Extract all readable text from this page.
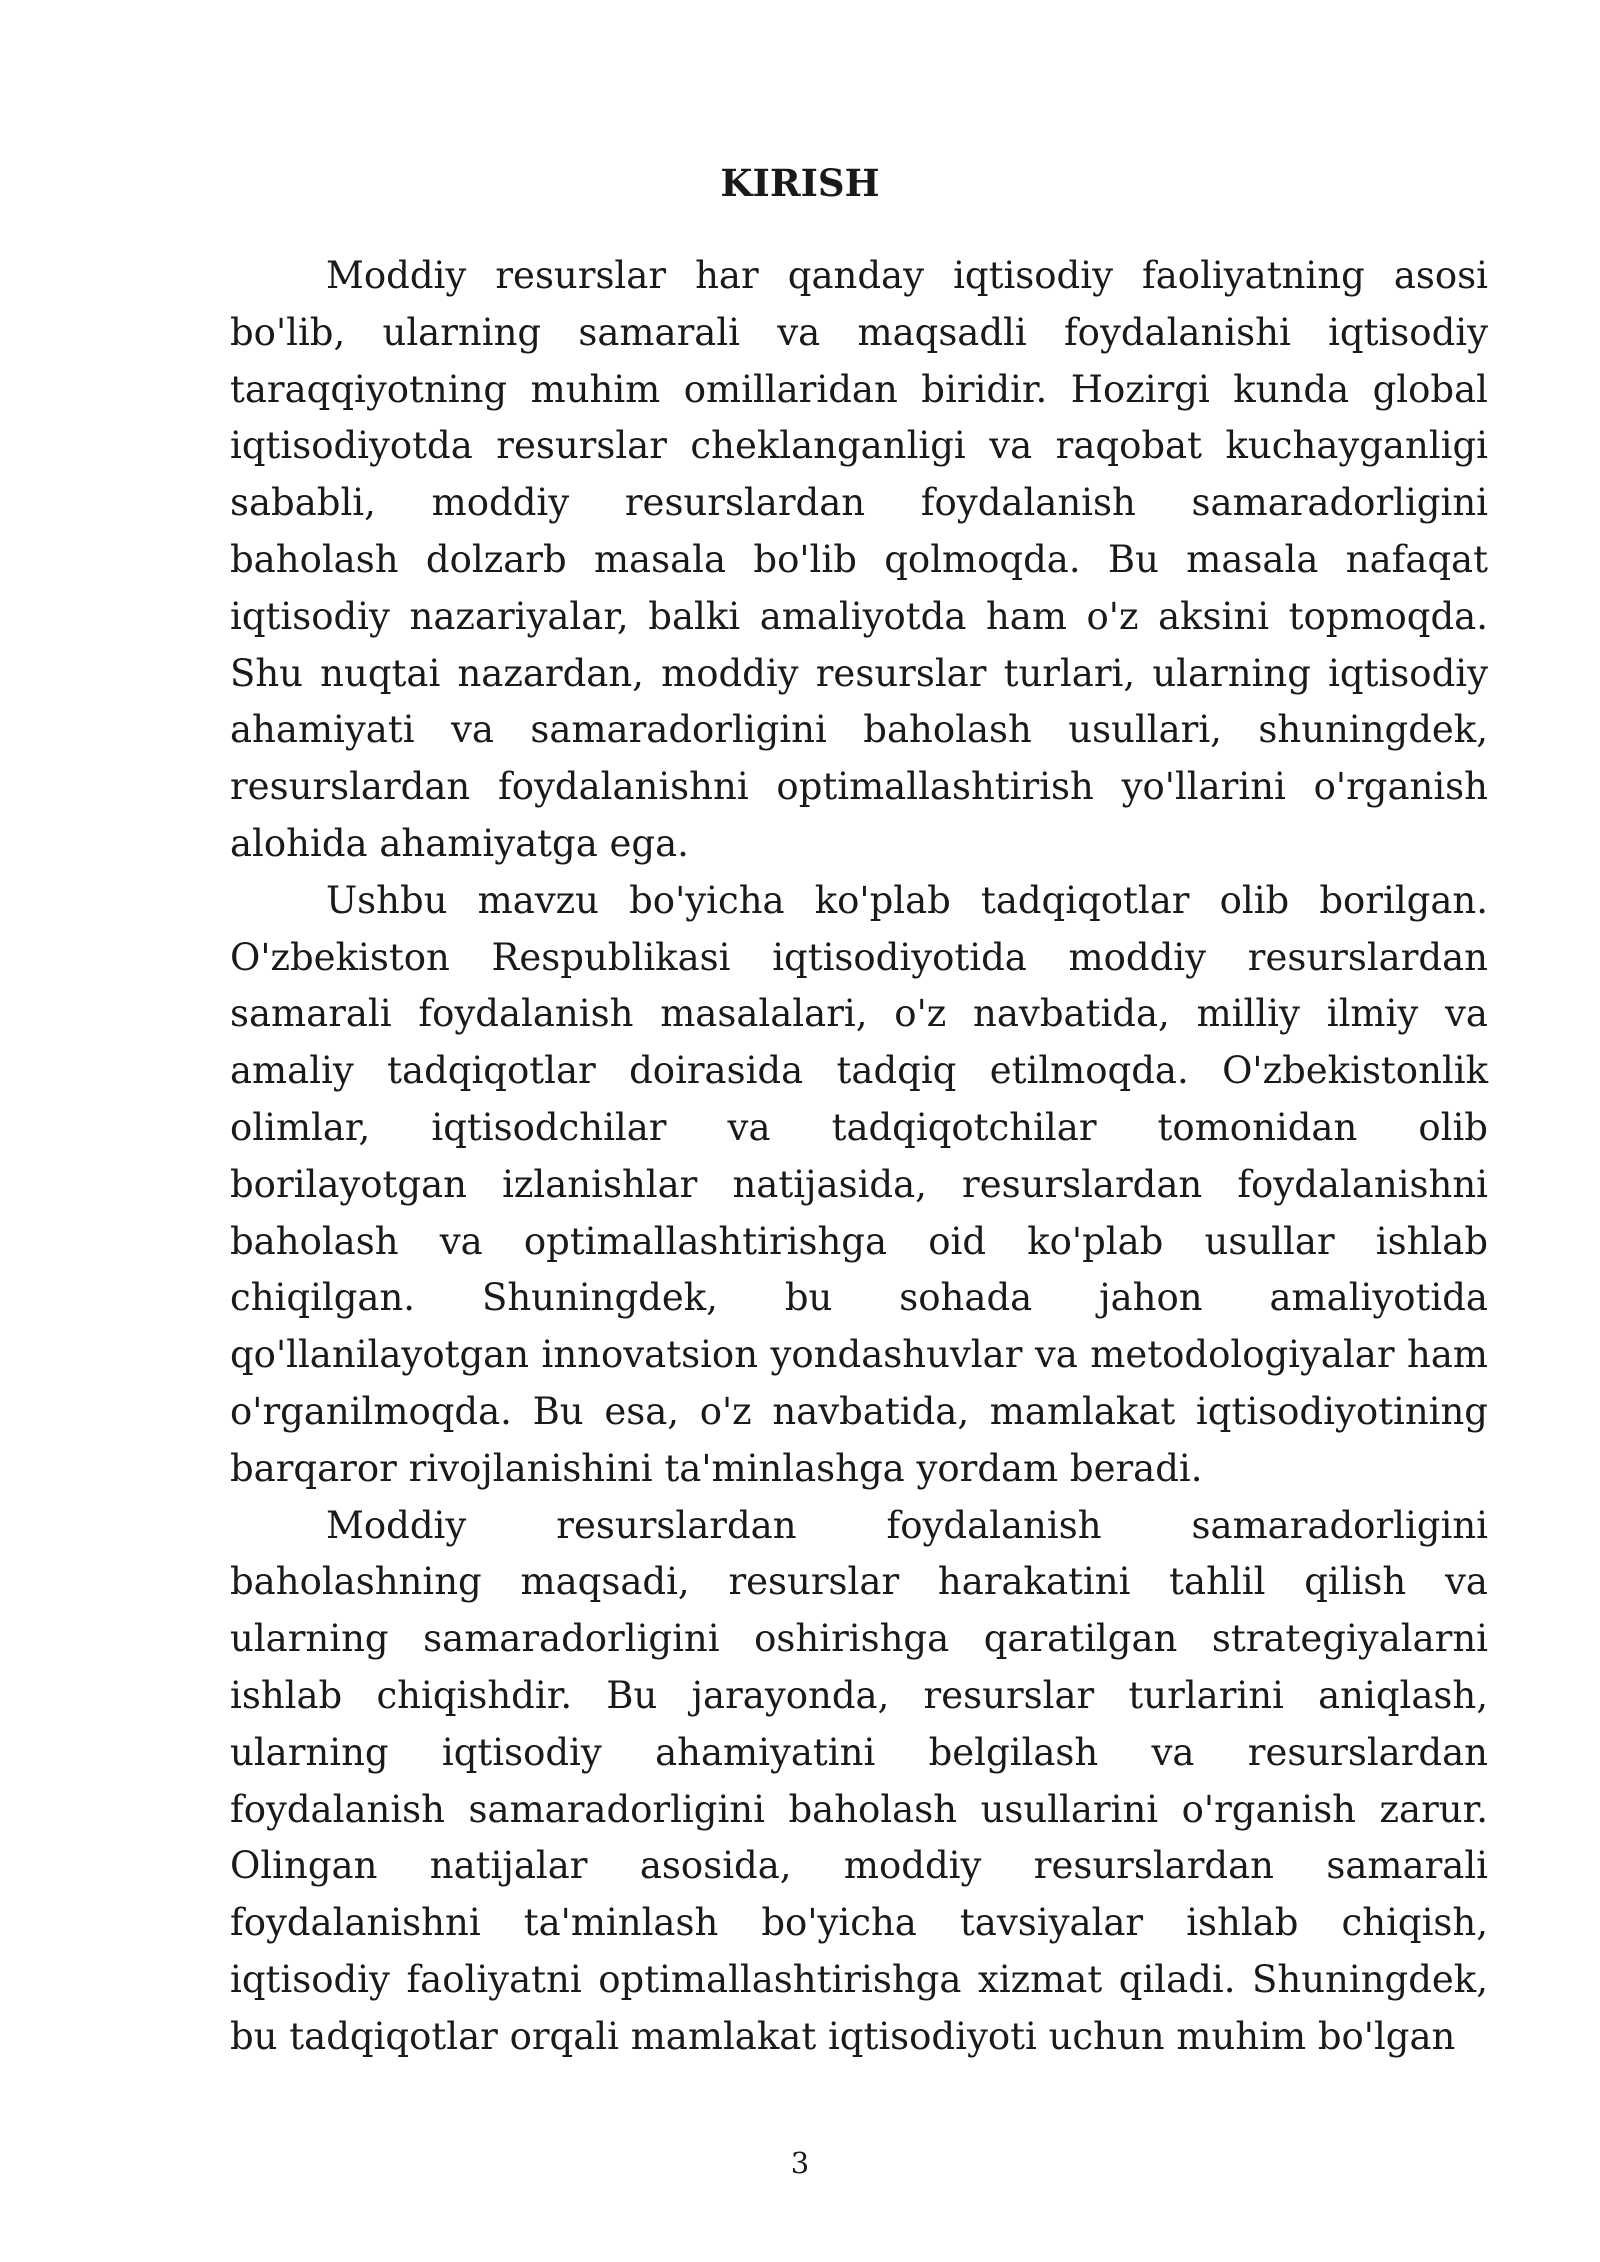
KIRISH

Moddiy resurslar har qanday iqtisodiy faoliyatning asosi bo'lib, ularning samarali va maqsadli foydalanishi iqtisodiy taraqqiyotning muhim omillaridan biridir. Hozirgi kunda global iqtisodiyotda resurslar cheklanganligi va raqobat kuchayganligi sababli, moddiy resurslardan foydalanish samaradorligini baholash dolzarb masala bo'lib qolmoqda. Bu masala nafaqat iqtisodiy nazariyalar, balki amaliyotda ham o'z aksini topmoqda. Shu nuqtai nazardan, moddiy resurslar turlari, ularning iqtisodiy ahamiyati va samaradorligini baholash usullari, shuningdek, resurslardan foydalanishni optimallashtirish yo'llarini o'rganish alohida ahamiyatga ega.

Ushbu mavzu bo'yicha ko'plab tadqiqotlar olib borilgan. O'zbekiston Respublikasi iqtisodiyotida moddiy resurslardan samarali foydalanish masalalari, o'z navbatida, milliy ilmiy va amaliy tadqiqotlar doirasida tadqiq etilmoqda. O'zbekistonlik olimlar, iqtisodchilar va tadqiqotchilar tomonidan olib borilayotgan izlanishlar natijasida, resurslardan foydalanishni baholash va optimallashtirishga oid ko'plab usullar ishlab chiqilgan. Shuningdek, bu sohada jahon amaliyotida qo'llanilayotgan innovatsion yondashuvlar va metodologiyalar ham o'rganilmoqda. Bu esa, o'z navbatida, mamlakat iqtisodiyotining barqaror rivojlanishini ta'minlashga yordam beradi.

Moddiy resurslardan foydalanish samaradorligini baholashning maqsadi, resurslar harakatini tahlil qilish va ularning samaradorligini oshirishga qaratilgan strategiyalarni ishlab chiqishdir. Bu jarayonda, resurslar turlarini aniqlash, ularning iqtisodiy ahamiyatini belgilash va resurslardan foydalanish samaradorligini baholash usullarini o'rganish zarur. Olingan natijalar asosida, moddiy resurslardan samarali foydalanishni ta'minlash bo'yicha tavsiyalar ishlab chiqish, iqtisodiy faoliyatni optimallashtirishga xizmat qiladi. Shuningdek, bu tadqiqotlar orqali mamlakat iqtisodiyoti uchun muhim bo'lgan

3
